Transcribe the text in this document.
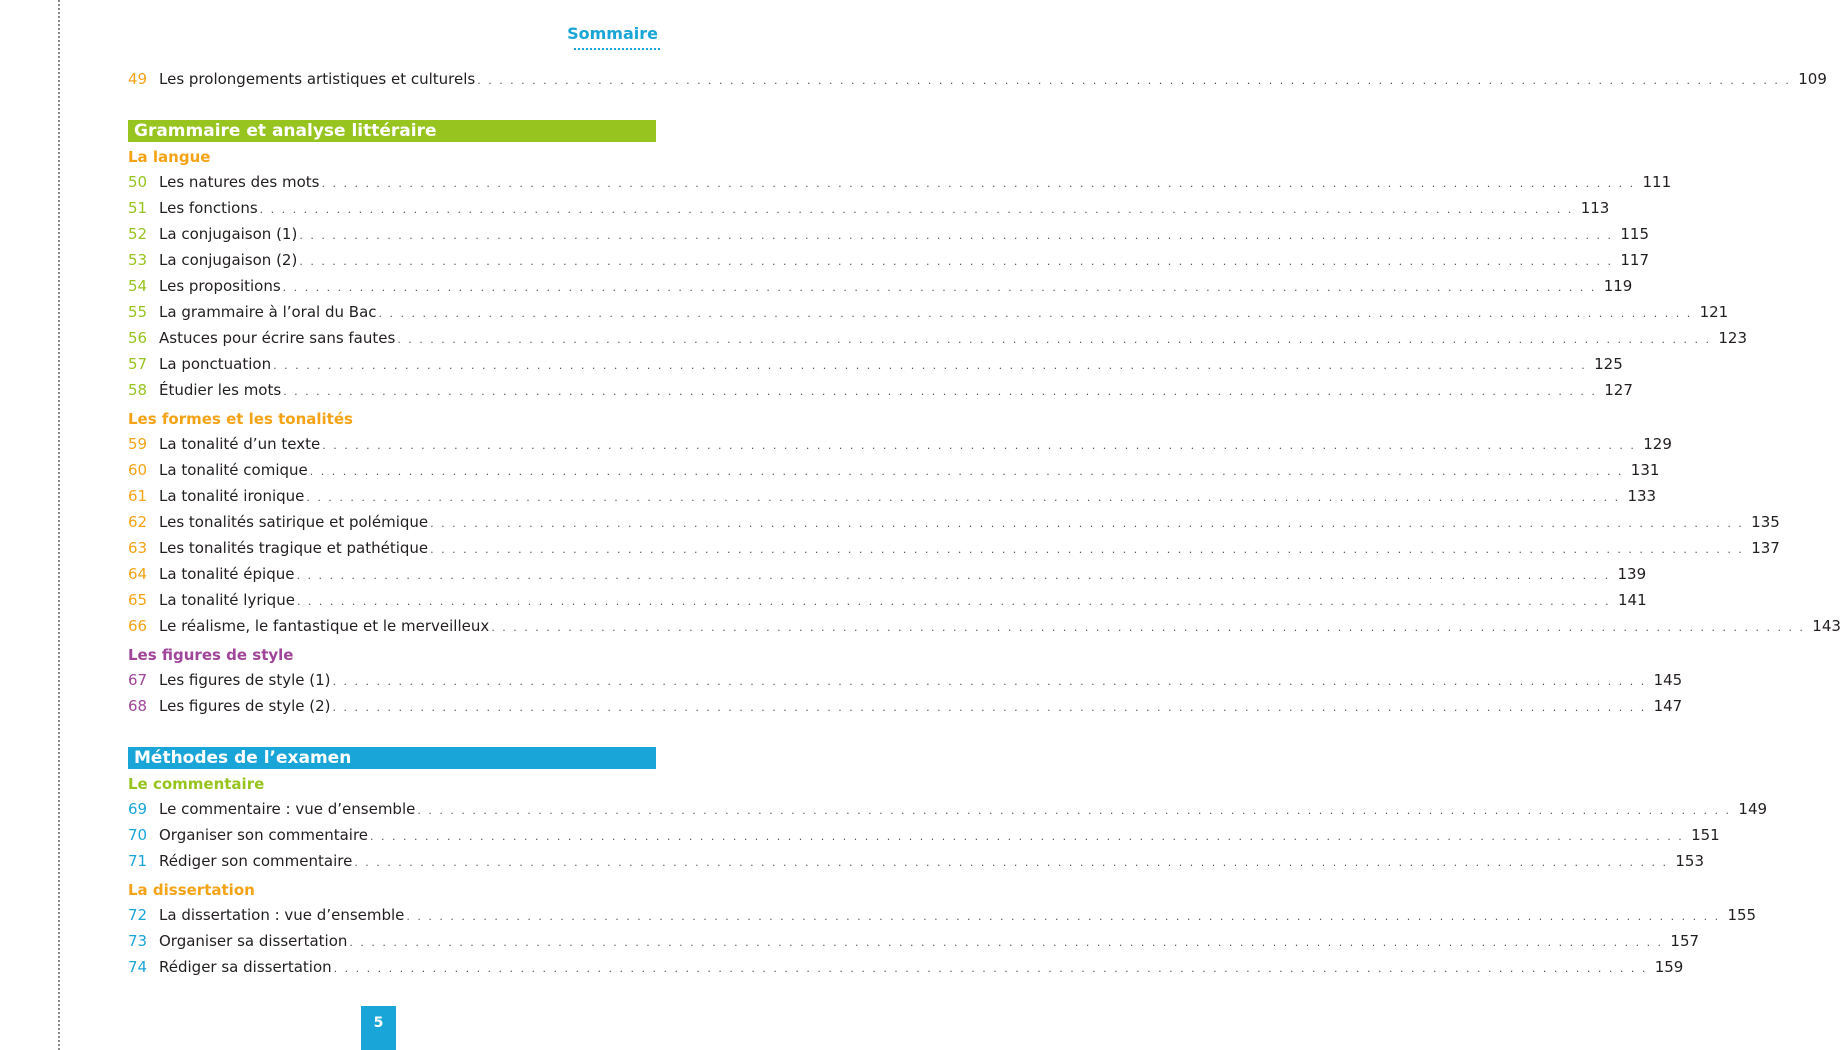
Sommaire
49 Les prolongements artistiques et culturels . . . . . . . . . . . . . . . . . . . . . . . . . . . . . . . . . . . . . . . . . . . . . . . . . . . . . . . . . . . . . . . . . . . . . . . . . . . . . . . . . . . . . . . . . . . . . . . . . . . . . . . . . . . . . . . . . . . . . . . . 109
Grammaire et analyse littéraire
La langue
50 Les natures des mots . . . . . . . . . . . . . . . . . . . . . . . . . . . . . . . . . . . . . . . . . . . . . . . . . . . . . . . . . . . . . . . . . . . . . . . . . . . . . . . . . . . . . . . . . . . . . . . . . . . . . . . . . . . . . . . . . . . . . . . . 111
51 Les fonctions . . . . . . . . . . . . . . . . . . . . . . . . . . . . . . . . . . . . . . . . . . . . . . . . . . . . . . . . . . . . . . . . . . . . . . . . . . . . . . . . . . . . . . . . . . . . . . . . . . . . . . . . . . . . . . . . . . . . . . . . 113
52 La conjugaison (1) . . . . . . . . . . . . . . . . . . . . . . . . . . . . . . . . . . . . . . . . . . . . . . . . . . . . . . . . . . . . . . . . . . . . . . . . . . . . . . . . . . . . . . . . . . . . . . . . . . . . . . . . . . . . . . . . . . . . . . . . 115
53 La conjugaison (2) . . . . . . . . . . . . . . . . . . . . . . . . . . . . . . . . . . . . . . . . . . . . . . . . . . . . . . . . . . . . . . . . . . . . . . . . . . . . . . . . . . . . . . . . . . . . . . . . . . . . . . . . . . . . . . . . . . . . . . . . 117
54 Les propositions . . . . . . . . . . . . . . . . . . . . . . . . . . . . . . . . . . . . . . . . . . . . . . . . . . . . . . . . . . . . . . . . . . . . . . . . . . . . . . . . . . . . . . . . . . . . . . . . . . . . . . . . . . . . . . . . . . . . . . . . 119
55 La grammaire à l’oral du Bac . . . . . . . . . . . . . . . . . . . . . . . . . . . . . . . . . . . . . . . . . . . . . . . . . . . . . . . . . . . . . . . . . . . . . . . . . . . . . . . . . . . . . . . . . . . . . . . . . . . . . . . . . . . . . . . . . . . . . . . . 121
56 Astuces pour écrire sans fautes . . . . . . . . . . . . . . . . . . . . . . . . . . . . . . . . . . . . . . . . . . . . . . . . . . . . . . . . . . . . . . . . . . . . . . . . . . . . . . . . . . . . . . . . . . . . . . . . . . . . . . . . . . . . . . . . . . . . . . . . 123
57 La ponctuation . . . . . . . . . . . . . . . . . . . . . . . . . . . . . . . . . . . . . . . . . . . . . . . . . . . . . . . . . . . . . . . . . . . . . . . . . . . . . . . . . . . . . . . . . . . . . . . . . . . . . . . . . . . . . . . . . . . . . . . . 125
58 Étudier les mots . . . . . . . . . . . . . . . . . . . . . . . . . . . . . . . . . . . . . . . . . . . . . . . . . . . . . . . . . . . . . . . . . . . . . . . . . . . . . . . . . . . . . . . . . . . . . . . . . . . . . . . . . . . . . . . . . . . . . . . . 127
Les formes et les tonalités
59 La tonalité d’un texte . . . . . . . . . . . . . . . . . . . . . . . . . . . . . . . . . . . . . . . . . . . . . . . . . . . . . . . . . . . . . . . . . . . . . . . . . . . . . . . . . . . . . . . . . . . . . . . . . . . . . . . . . . . . . . . . . . . . . . . . 129
60 La tonalité comique . . . . . . . . . . . . . . . . . . . . . . . . . . . . . . . . . . . . . . . . . . . . . . . . . . . . . . . . . . . . . . . . . . . . . . . . . . . . . . . . . . . . . . . . . . . . . . . . . . . . . . . . . . . . . . . . . . . . . . . . 131
61 La tonalité ironique . . . . . . . . . . . . . . . . . . . . . . . . . . . . . . . . . . . . . . . . . . . . . . . . . . . . . . . . . . . . . . . . . . . . . . . . . . . . . . . . . . . . . . . . . . . . . . . . . . . . . . . . . . . . . . . . . . . . . . . . 133
62 Les tonalités satirique et polémique . . . . . . . . . . . . . . . . . . . . . . . . . . . . . . . . . . . . . . . . . . . . . . . . . . . . . . . . . . . . . . . . . . . . . . . . . . . . . . . . . . . . . . . . . . . . . . . . . . . . . . . . . . . . . . . . . . . . . . . . 135
63 Les tonalités tragique et pathétique . . . . . . . . . . . . . . . . . . . . . . . . . . . . . . . . . . . . . . . . . . . . . . . . . . . . . . . . . . . . . . . . . . . . . . . . . . . . . . . . . . . . . . . . . . . . . . . . . . . . . . . . . . . . . . . . . . . . . . . . 137
64 La tonalité épique . . . . . . . . . . . . . . . . . . . . . . . . . . . . . . . . . . . . . . . . . . . . . . . . . . . . . . . . . . . . . . . . . . . . . . . . . . . . . . . . . . . . . . . . . . . . . . . . . . . . . . . . . . . . . . . . . . . . . . . . 139
65 La tonalité lyrique . . . . . . . . . . . . . . . . . . . . . . . . . . . . . . . . . . . . . . . . . . . . . . . . . . . . . . . . . . . . . . . . . . . . . . . . . . . . . . . . . . . . . . . . . . . . . . . . . . . . . . . . . . . . . . . . . . . . . . . . 141
66 Le réalisme, le fantastique et le merveilleux . . . . . . . . . . . . . . . . . . . . . . . . . . . . . . . . . . . . . . . . . . . . . . . . . . . . . . . . . . . . . . . . . . . . . . . . . . . . . . . . . . . . . . . . . . . . . . . . . . . . . . . . . . . . . . . . . . . . . . . . 143
Les figures de style
67 Les figures de style (1) . . . . . . . . . . . . . . . . . . . . . . . . . . . . . . . . . . . . . . . . . . . . . . . . . . . . . . . . . . . . . . . . . . . . . . . . . . . . . . . . . . . . . . . . . . . . . . . . . . . . . . . . . . . . . . . . . . . . . . . . 145
68 Les figures de style (2) . . . . . . . . . . . . . . . . . . . . . . . . . . . . . . . . . . . . . . . . . . . . . . . . . . . . . . . . . . . . . . . . . . . . . . . . . . . . . . . . . . . . . . . . . . . . . . . . . . . . . . . . . . . . . . . . . . . . . . . . 147
Méthodes de l’examen
Le commentaire
69 Le commentaire : vue d’ensemble . . . . . . . . . . . . . . . . . . . . . . . . . . . . . . . . . . . . . . . . . . . . . . . . . . . . . . . . . . . . . . . . . . . . . . . . . . . . . . . . . . . . . . . . . . . . . . . . . . . . . . . . . . . . . . . . . . . . . . . . 149
70 Organiser son commentaire . . . . . . . . . . . . . . . . . . . . . . . . . . . . . . . . . . . . . . . . . . . . . . . . . . . . . . . . . . . . . . . . . . . . . . . . . . . . . . . . . . . . . . . . . . . . . . . . . . . . . . . . . . . . . . . . . . . . . . . . 151
71 Rédiger son commentaire . . . . . . . . . . . . . . . . . . . . . . . . . . . . . . . . . . . . . . . . . . . . . . . . . . . . . . . . . . . . . . . . . . . . . . . . . . . . . . . . . . . . . . . . . . . . . . . . . . . . . . . . . . . . . . . . . . . . . . . . 153
La dissertation
72 La dissertation : vue d’ensemble . . . . . . . . . . . . . . . . . . . . . . . . . . . . . . . . . . . . . . . . . . . . . . . . . . . . . . . . . . . . . . . . . . . . . . . . . . . . . . . . . . . . . . . . . . . . . . . . . . . . . . . . . . . . . . . . . . . . . . . . 155
73 Organiser sa dissertation . . . . . . . . . . . . . . . . . . . . . . . . . . . . . . . . . . . . . . . . . . . . . . . . . . . . . . . . . . . . . . . . . . . . . . . . . . . . . . . . . . . . . . . . . . . . . . . . . . . . . . . . . . . . . . . . . . . . . . . . 157
74 Rédiger sa dissertation . . . . . . . . . . . . . . . . . . . . . . . . . . . . . . . . . . . . . . . . . . . . . . . . . . . . . . . . . . . . . . . . . . . . . . . . . . . . . . . . . . . . . . . . . . . . . . . . . . . . . . . . . . . . . . . . . . . . . . . . 159
5
